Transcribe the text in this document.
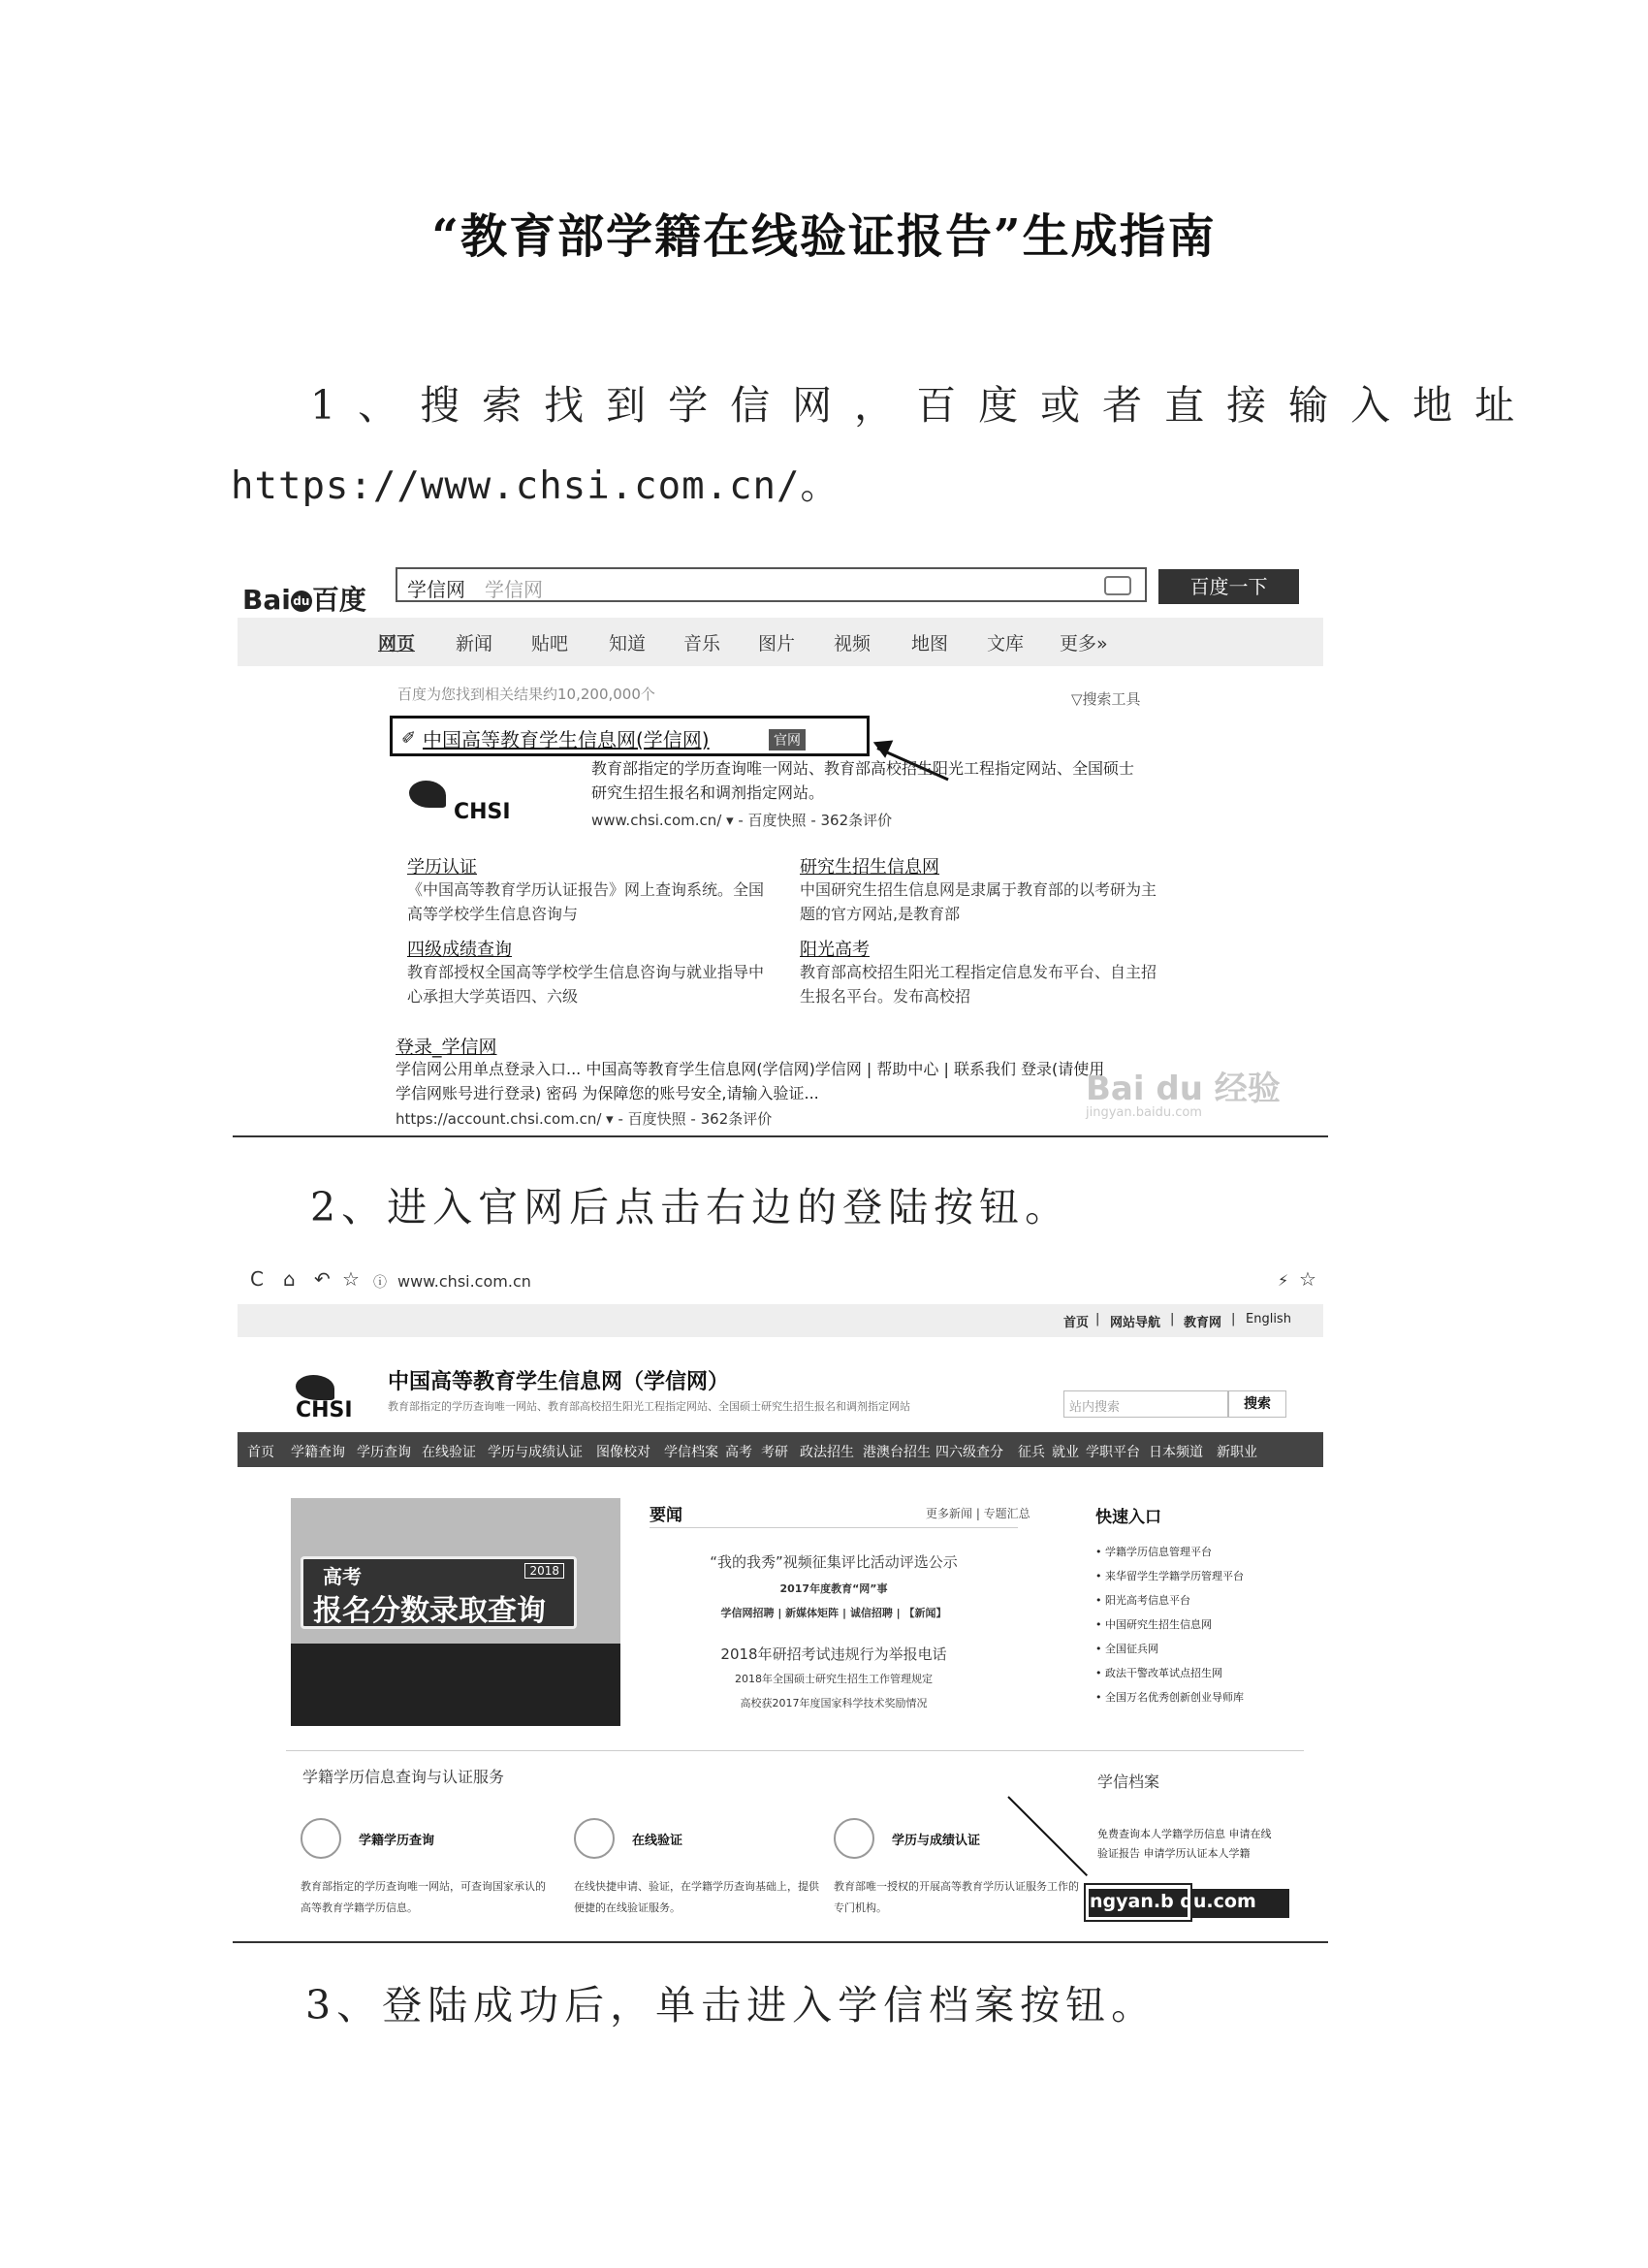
“教育部学籍在线验证报告”生成指南
1、搜索找到学信网，百度或者直接输入地址
https://www.chsi.com.cn/。
Bai du百度 学信网 学信网	百度一下
网页 新闻 贴吧 知道 音乐 图片 视频 地图 文库 更多»
百度为您找到相关结果约10,200,000个	▽搜索工具
✐ 中国高等教育学生信息网(学信网)	官网
CHSI
教育部指定的学历查询唯一网站、教育部高校招生阳光工程指定网站、全国硕士研究生招生报名和调剂指定网站。
www.chsi.com.cn/ ▾ - 百度快照 - 362条评价
学历认证
《中国高等教育学历认证报告》网上查询系统。全国高等学校学生信息咨询与
研究生招生信息网
中国研究生招生信息网是隶属于教育部的以考研为主题的官方网站,是教育部
四级成绩查询
教育部授权全国高等学校学生信息咨询与就业指导中心承担大学英语四、六级
阳光高考
教育部高校招生阳光工程指定信息发布平台、自主招生报名平台。发布高校招
登录_学信网
学信网公用单点登录入口... 中国高等教育学生信息网(学信网)学信网 | 帮助中心 | 联系我们 登录(请使用学信网账号进行登录) 密码 为保障您的账号安全,请输入验证...
https://account.chsi.com.cn/ ▾ - 百度快照 - 362条评价
Bai du 经验
jingyan.baidu.com
2、进入官网后点击右边的登陆按钮。
C ⌂ ↶ ☆ ⓘ www.chsi.com.cn	⚡ ☆
首页 | 网站导航 | 教育网 | English
CHSI
中国高等教育学生信息网（学信网）
教育部指定的学历查询唯一网站、教育部高校招生阳光工程指定网站、全国硕士研究生招生报名和调剂指定网站	站内搜索	搜索
首页 学籍查询 学历查询 在线验证 学历与成绩认证 图像校对 学信档案 高考 考研 政法招生 港澳台招生 四六级查分 征兵 就业 学职平台 日本频道 新职业
高考	2018
报名分数录取查询
要闻	更多新闻 | 专题汇总
“我的我秀”视频征集评比活动评选公示
2017年度教育“网”事
学信网招聘 | 新媒体矩阵 | 诚信招聘 | 【新闻】
2018年研招考试违规行为举报电话
2018年全国硕士研究生招生工作管理规定
高校获2017年度国家科学技术奖励情况
快速入口
• 学籍学历信息管理平台
• 来华留学生学籍学历管理平台
• 阳光高考信息平台
• 中国研究生招生信息网
• 全国征兵网
• 政法干警改革试点招生网
• 全国万名优秀创新创业导师库
学籍学历信息查询与认证服务	学信档案
学籍学历查询
教育部指定的学历查询唯一网站，可查询国家承认的高等教育学籍学历信息。
在线验证
在线快捷申请、验证，在学籍学历查询基础上，提供便捷的在线验证服务。
学历与成绩认证
教育部唯一授权的开展高等教育学历认证服务工作的专门机构。
免费查询本人学籍学历信息 申请在线验证报告 申请学历认证本人学籍
ngyan.b du.com
3、登陆成功后，单击进入学信档案按钮。
